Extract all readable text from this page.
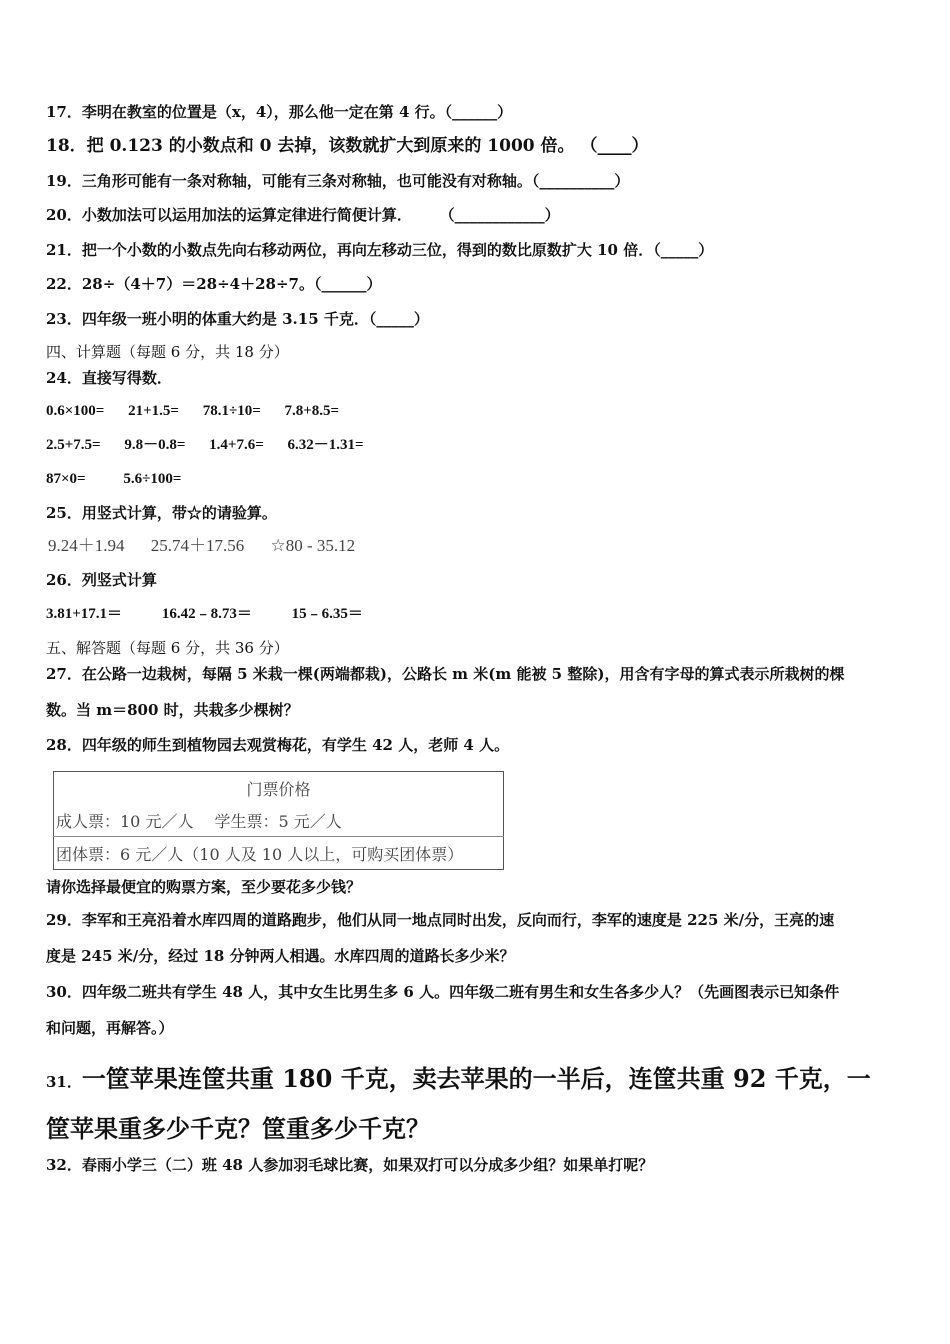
17．李明在教室的位置是（x，4），那么他一定在第 4 行。（______）
18．把 0.123 的小数点和 0 去掉，该数就扩大到原来的 1000 倍。 （____）
19．三角形可能有一条对称轴，可能有三条对称轴，也可能没有对称轴。（__________）
20．小数加法可以运用加法的运算定律进行简便计算．　　 （____________）
21．把一个小数的小数点先向右移动两位，再向左移动三位，得到的数比原数扩大 10 倍．（_____）
22．28÷（4＋7）＝28÷4＋28÷7。（______）
23．四年级一班小明的体重大约是 3.15 千克．（_____）
四、计算题（每题 6 分，共 18 分）
24．直接写得数．
0.6×100= 21+1.5= 78.1÷10= 7.8+8.5=
2.5+7.5= 9.8－0.8= 1.4+7.6= 6.32－1.31=
87×0=	5.6÷100=
25．用竖式计算，带☆的请验算。
9.24＋1.94 25.74＋17.56 ☆80 - 35.12
26．列竖式计算
3.81+17.1＝	16.42﹣8.73＝	15﹣6.35＝
五、解答题（每题 6 分，共 36 分）
27．在公路一边栽树，每隔 5 米栽一棵(两端都栽)，公路长 m 米(m 能被 5 整除)，用含有字母的算式表示所栽树的棵
数。当 m＝800 时，共栽多少棵树？
28．四年级的师生到植物园去观赏梅花，有学生 42 人，老师 4 人。
门票价格
成人票：10 元／人　 学生票：5 元／人
团体票：6 元／人（10 人及 10 人以上，可购买团体票）
请你选择最便宜的购票方案，至少要花多少钱？
29．李军和王亮沿着水库四周的道路跑步，他们从同一地点同时出发，反向而行，李军的速度是 225 米/分，王亮的速
度是 245 米/分，经过 18 分钟两人相遇。水库四周的道路长多少米？
30．四年级二班共有学生 48 人，其中女生比男生多 6 人。四年级二班有男生和女生各多少人？（先画图表示已知条件
和问题，再解答。）
31．一筐苹果连筐共重 180 千克，卖去苹果的一半后，连筐共重 92 千克，一
筐苹果重多少千克？筐重多少千克？
32．春雨小学三（二）班 48 人参加羽毛球比赛，如果双打可以分成多少组？如果单打呢？
